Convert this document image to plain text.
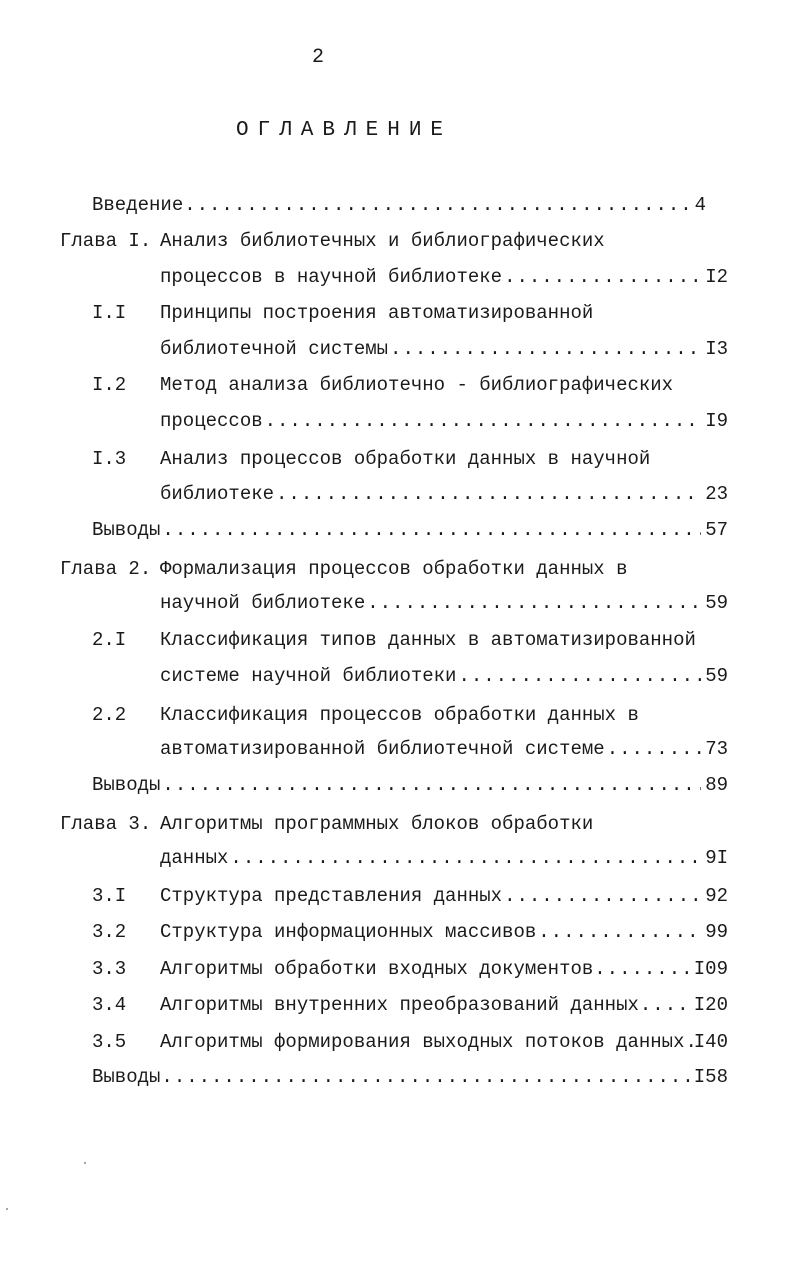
2
ОГЛАВЛЕНИЕ
Введение .....	4
Глава I. Анализ библиотечных и библиографических
процессов в научной библиотеке .....	I2
I.I Принципы построения автоматизированной
библиотечной системы .....	I3
I.2 Метод анализа библиотечно - библиографических
процессов .....	I9
I.3 Анализ процессов обработки данных в научной
библиотеке .....	23
Выводы .....	57
Глава 2. Формализация процессов обработки данных в
научной библиотеке .....	59
2.I Классификация типов данных в автоматизированной
системе научной библиотеки .....	59
2.2 Классификация процессов обработки данных в
автоматизированной библиотечной системе .....	73
Выводы .....	89
Глава 3. Алгоритмы программных блоков обработки
данных .....	9I
3.I Структура представления данных .....	92
3.2 Структура информационных массивов .....	99
3.3 Алгоритмы обработки входных документов .....	I09
3.4 Алгоритмы внутренних преобразований данных .....	I20
3.5 Алгоритмы формирования выходных потоков данных ..... I40
Выводы .....	I58
